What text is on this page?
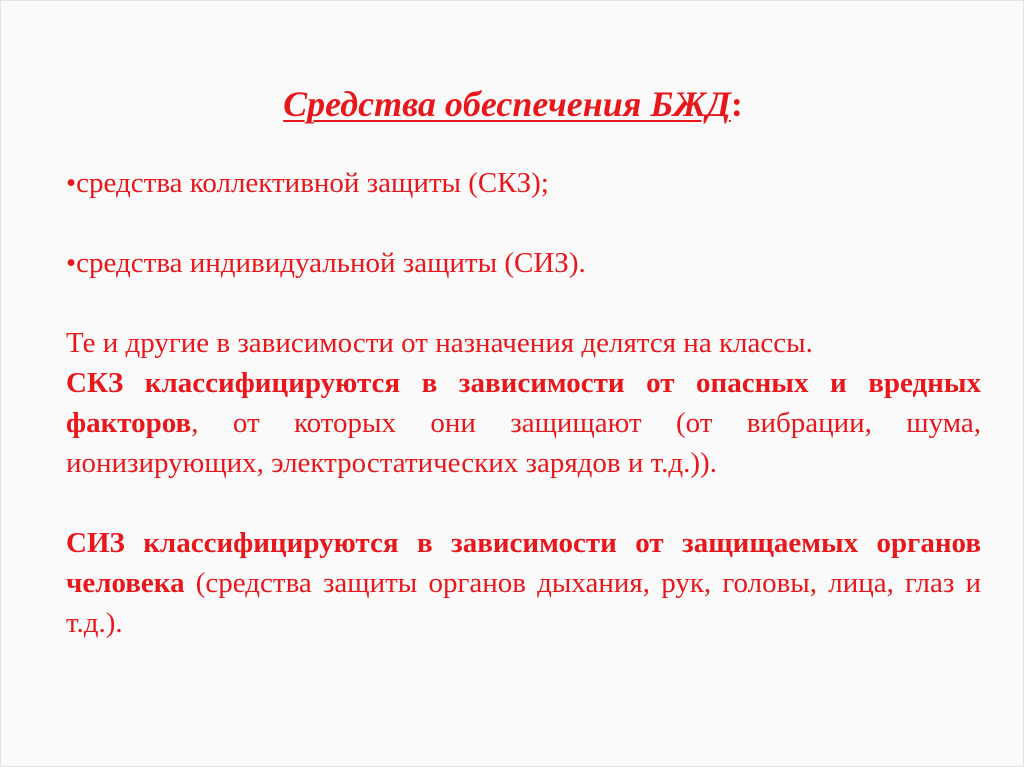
Средства обеспечения БЖД:

•средства коллективной защиты (СКЗ);

•средства индивидуальной защиты (СИЗ).

Те и другие в зависимости от назначения делятся на классы.

СКЗ классифицируются в зависимости от опасных и вредных факторов, от которых они защищают (от вибрации, шума, ионизирующих, электростатических зарядов и т.д.)).

СИЗ классифицируются в зависимости от защищаемых органов человека (средства защиты органов дыхания, рук, головы, лица, глаз и т.д.).
